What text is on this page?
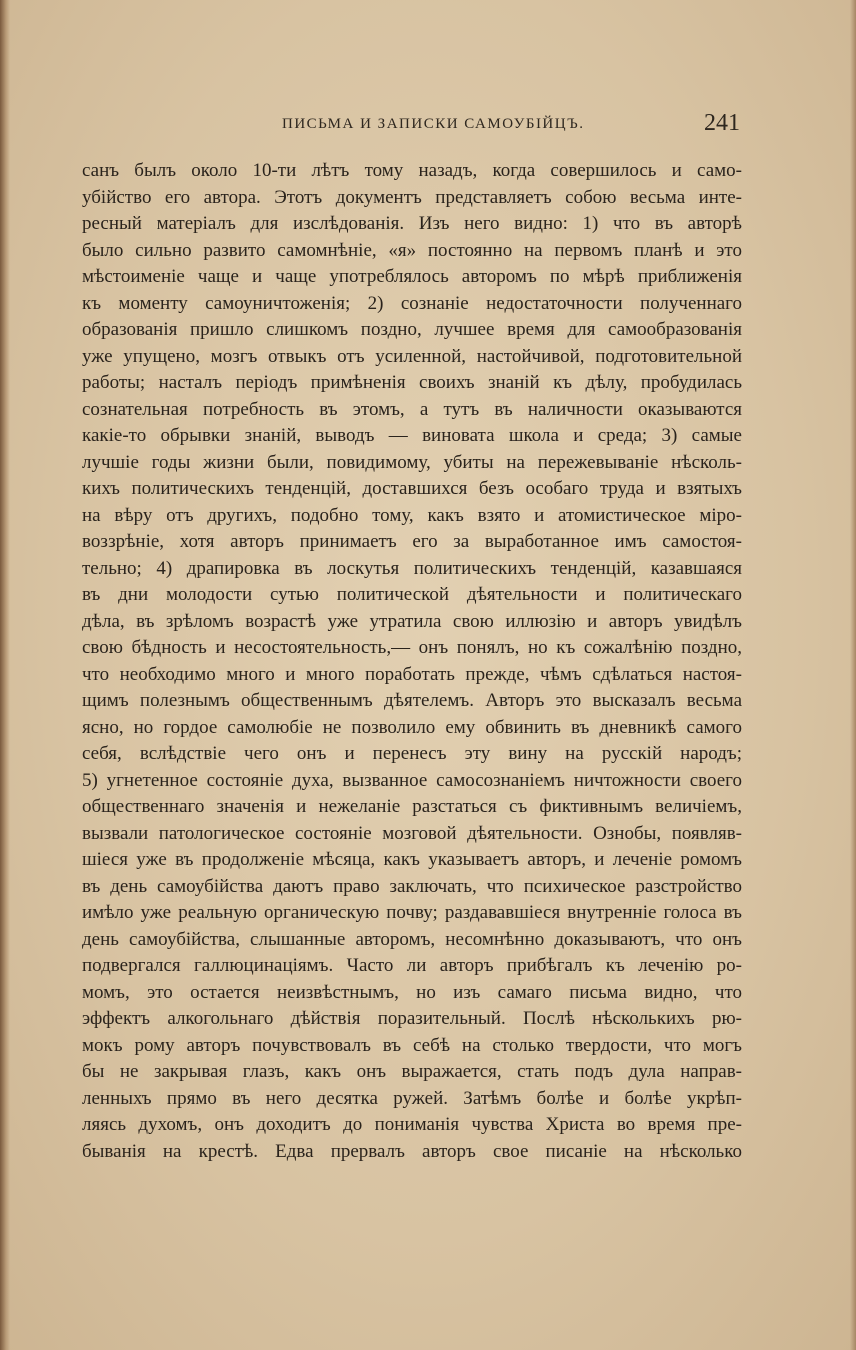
ПИСЬМА И ЗАПИСКИ САМОУБІЙЦЪ.	241
санъ былъ около 10-ти лѣтъ тому назадъ, когда совершилось и само-
убійство его автора. Этотъ документъ представляетъ собою весьма инте-
ресный матеріалъ для изслѣдованія. Изъ него видно: 1) что въ авторѣ
было сильно развито самомнѣніе, «я» постоянно на первомъ планѣ и это
мѣстоименіе чаще и чаще употреблялось авторомъ по мѣрѣ приближенія
къ моменту самоуничтоженія; 2) сознаніе недостаточности полученнаго
образованія пришло слишкомъ поздно, лучшее время для самообразованія
уже упущено, мозгъ отвыкъ отъ усиленной, настойчивой, подготовительной
работы; насталъ періодъ примѣненія своихъ знаній къ дѣлу, пробудилась
сознательная потребность въ этомъ, а тутъ въ наличности оказываются
какіе-то обрывки знаній, выводъ — виновата школа и среда; 3) самые
лучшіе годы жизни были, повидимому, убиты на пережевываніе нѣсколь-
кихъ политическихъ тенденцій, доставшихся безъ особаго труда и взятыхъ
на вѣру отъ другихъ, подобно тому, какъ взято и атомистическое міро-
воззрѣніе, хотя авторъ принимаетъ его за выработанное имъ самостоя-
тельно; 4) драпировка въ лоскутья политическихъ тенденцій, казавшаяся
въ дни молодости сутью политической дѣятельности и политическаго
дѣла, въ зрѣломъ возрастѣ уже утратила свою иллюзію и авторъ увидѣлъ
свою бѣдность и несостоятельность,— онъ понялъ, но къ сожалѣнію поздно,
что необходимо много и много поработать прежде, чѣмъ сдѣлаться настоя-
щимъ полезнымъ общественнымъ дѣятелемъ. Авторъ это высказалъ весьма
ясно, но гордое самолюбіе не позволило ему обвинить въ дневникѣ самого
себя, вслѣдствіе чего онъ и перенесъ эту вину на русскій народъ;
5) угнетенное состояніе духа, вызванное самосознаніемъ ничтожности своего
общественнаго значенія и нежеланіе разстаться съ фиктивнымъ величіемъ,
вызвали патологическое состояніе мозговой дѣятельности. Ознобы, появляв-
шіеся уже въ продолженіе мѣсяца, какъ указываетъ авторъ, и леченіе ромомъ
въ день самоубійства даютъ право заключать, что психическое разстройство
имѣло уже реальную органическую почву; раздававшіеся внутренніе голоса въ
день самоубійства, слышанные авторомъ, несомнѣнно доказываютъ, что онъ
подвергался галлюцинаціямъ. Часто ли авторъ прибѣгалъ къ леченію ро-
момъ, это остается неизвѣстнымъ, но изъ самаго письма видно, что
эффектъ алкогольнаго дѣйствія поразительный. Послѣ нѣсколькихъ рю-
мокъ рому авторъ почувствовалъ въ себѣ на столько твердости, что могъ
бы не закрывая глазъ, какъ онъ выражается, стать подъ дула направ-
ленныхъ прямо въ него десятка ружей. Затѣмъ болѣе и болѣе укрѣп-
ляясь духомъ, онъ доходитъ до пониманія чувства Христа во время пре-
быванія на крестѣ. Едва прервалъ авторъ свое писаніе на нѣсколько
